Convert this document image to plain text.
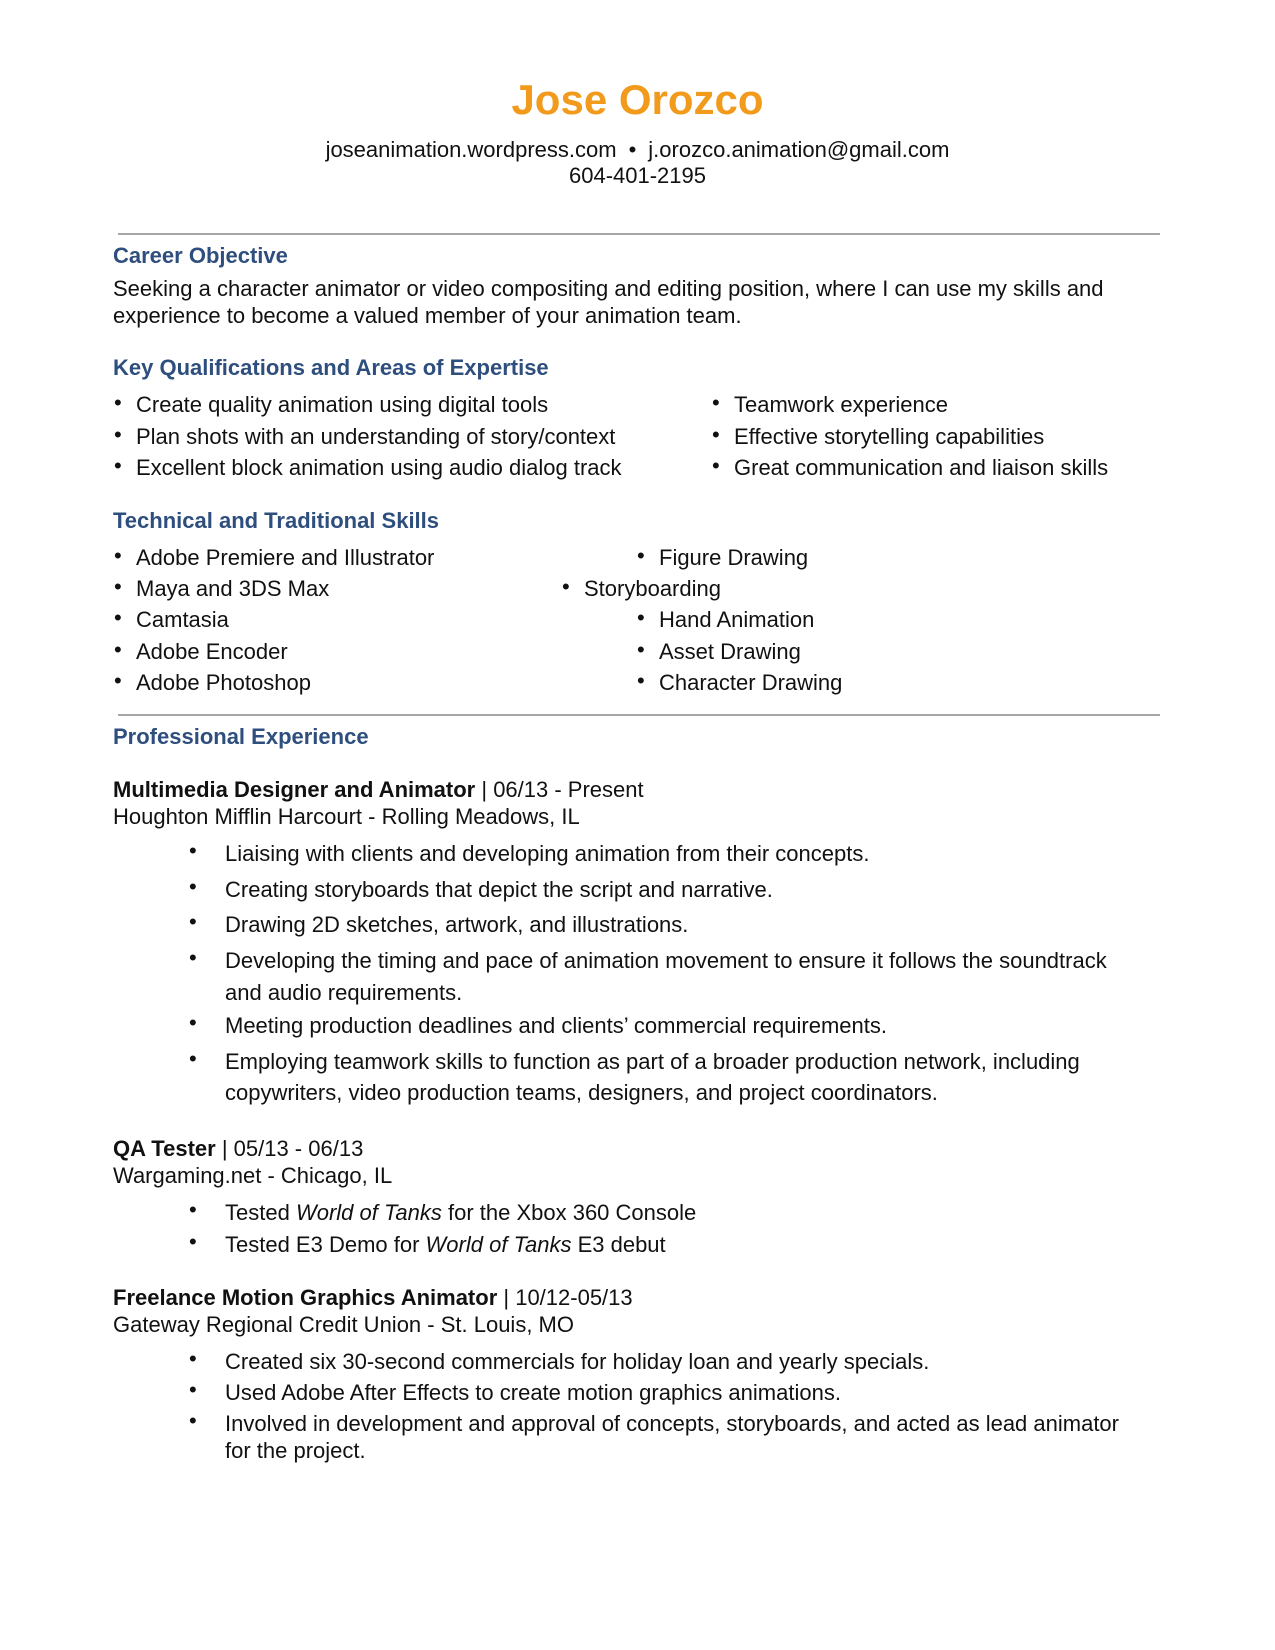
Jose Orozco
joseanimation.wordpress.com • j.orozco.animation@gmail.com
604-401-2195
Career Objective
Seeking a character animator or video compositing and editing position, where I can use my skills and
experience to become a valued member of your animation team.
Key Qualifications and Areas of Expertise
• Create quality animation using digital tools
• Plan shots with an understanding of story/context
• Excellent block animation using audio dialog track
• Teamwork experience
• Effective storytelling capabilities
• Great communication and liaison skills
Technical and Traditional Skills
• Adobe Premiere and Illustrator
• Maya and 3DS Max
• Camtasia
• Adobe Encoder
• Adobe Photoshop
• Figure Drawing
• Storyboarding
• Hand Animation
• Asset Drawing
• Character Drawing
Professional Experience
Multimedia Designer and Animator | 06/13 - Present
Houghton Mifflin Harcourt - Rolling Meadows, IL
• Liaising with clients and developing animation from their concepts.
• Creating storyboards that depict the script and narrative.
• Drawing 2D sketches, artwork, and illustrations.
• Developing the timing and pace of animation movement to ensure it follows the soundtrack
and audio requirements.
• Meeting production deadlines and clients’ commercial requirements.
• Employing teamwork skills to function as part of a broader production network, including
copywriters, video production teams, designers, and project coordinators.
QA Tester | 05/13 - 06/13
Wargaming.net - Chicago, IL
• Tested World of Tanks for the Xbox 360 Console
• Tested E3 Demo for World of Tanks E3 debut
Freelance Motion Graphics Animator | 10/12-05/13
Gateway Regional Credit Union - St. Louis, MO
• Created six 30-second commercials for holiday loan and yearly specials.
• Used Adobe After Effects to create motion graphics animations.
• Involved in development and approval of concepts, storyboards, and acted as lead animator
for the project.
